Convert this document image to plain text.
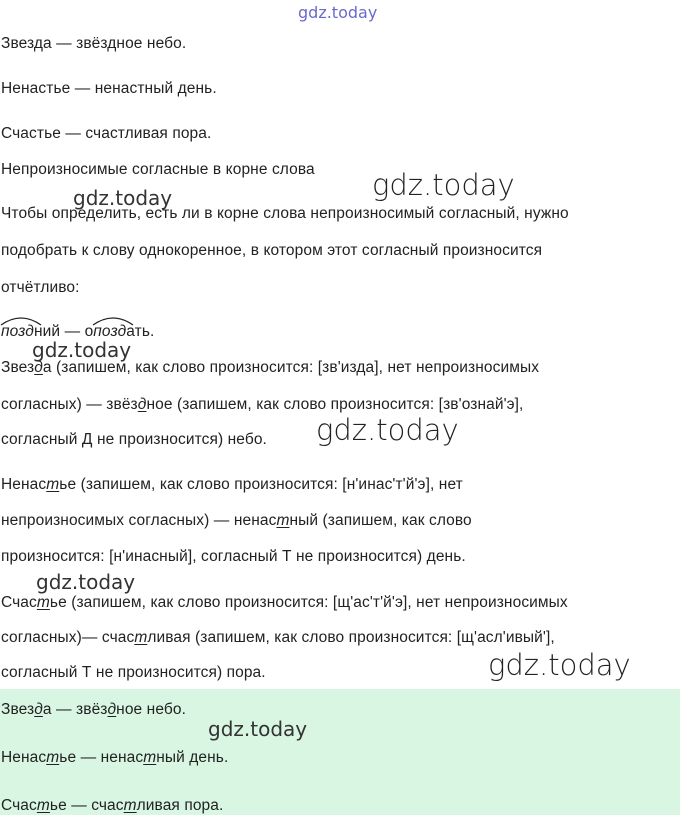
gdz.today
Звезда — звёздное небо.
Ненастье — ненастный день.
Счастье — счастливая пора.
Непроизносимые согласные в корне слова gdz.today
gdz.today
Чтобы определить, есть ли в корне слова непроизносимый согласный, нужно
подобрать к слову однокоренное, в котором этот согласный произносится
отчётливо:
поздний — о
поздать.
gdz.today
Звезда (запишем, как слово произносится: [зв'изда], нет непроизносимых
согласных) — звёздное (запишем, как слово произносится: [зв'ознай'э],
согласный Д не произносится) небо. gdz.today
Ненастье (запишем, как слово произносится: [н'инас'т'й'э], нет
непроизносимых согласных) — ненастный (запишем, как слово
произносится: [н'инасный], согласный Т не произносится) день.
gdz.today
Счастье (запишем, как слово произносится: [щ'ас'т'й'э], нет непроизносимых
согласных)— счастливая (запишем, как слово произносится: [щ'асл'ивый'],
согласный Т не произносится) пора.	gdz.today
Звезда — звёздное небо.
gdz.today
Ненастье — ненастный день.
Счастье — счастливая пора.
